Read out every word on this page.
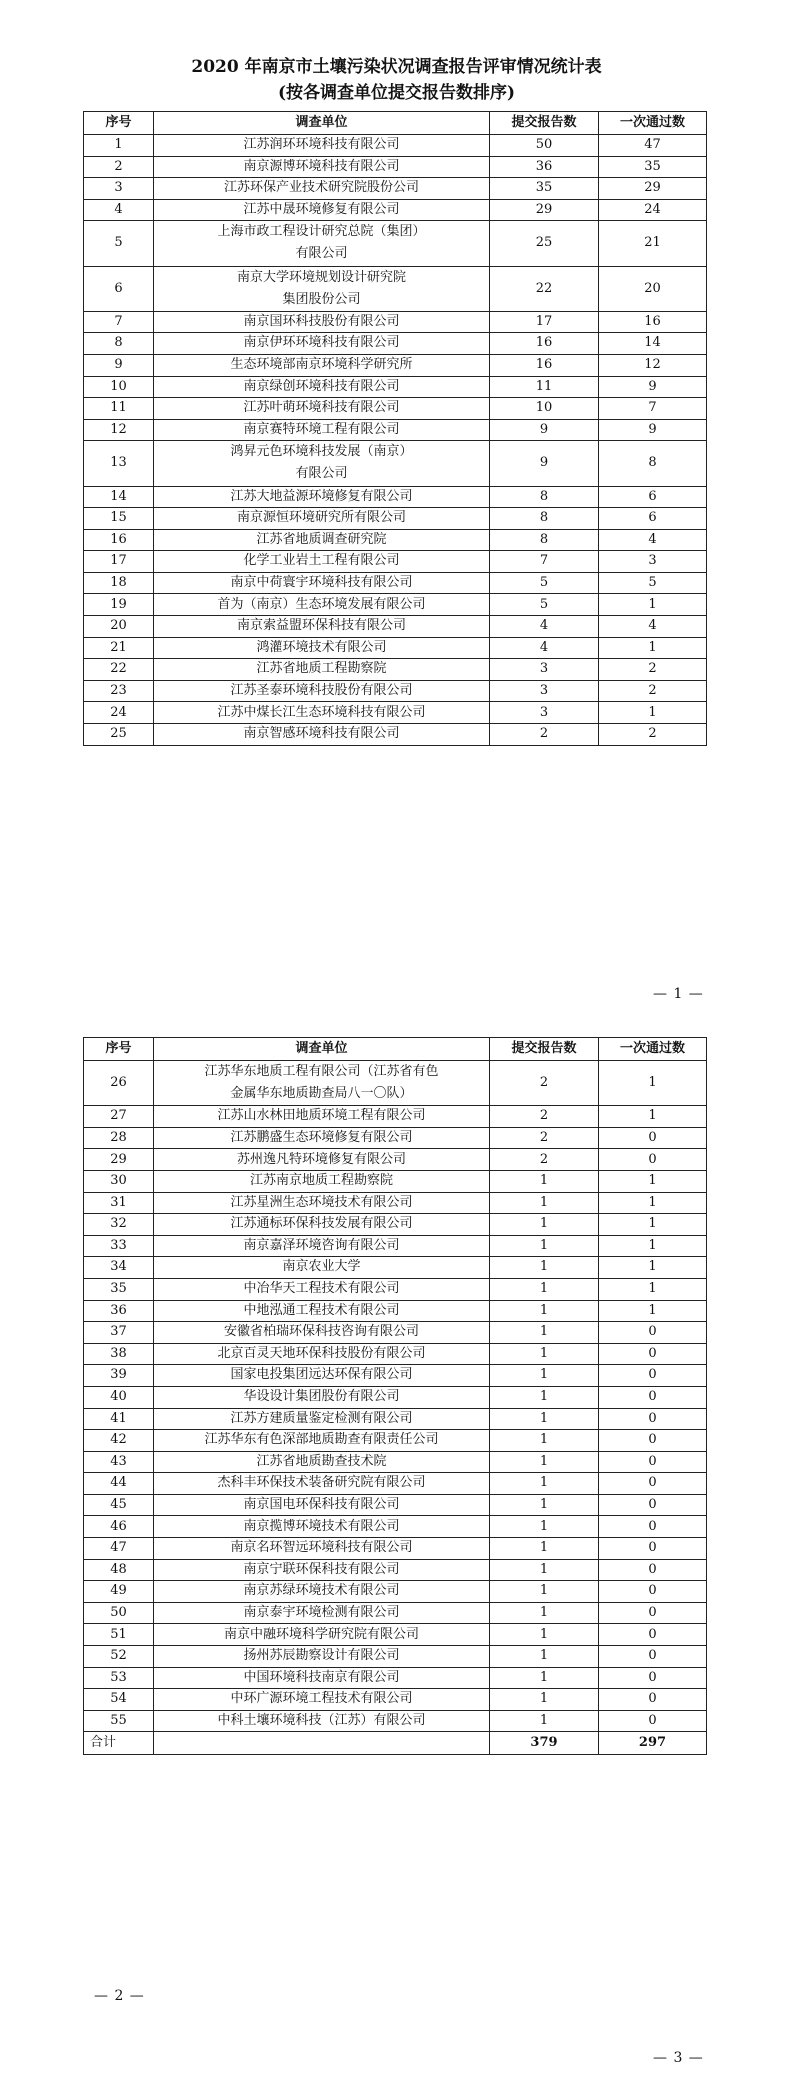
2020 年南京市土壤污染状况调查报告评审情况统计表
(按各调查单位提交报告数排序)
序号	调查单位	提交报告数	一次通过数
1	江苏润环环境科技有限公司	50	47
2	南京源博环境科技有限公司	36	35
3	江苏环保产业技术研究院股份公司	35	29
4	江苏中晟环境修复有限公司	29	24
5	上海市政工程设计研究总院（集团）
有限公司	25	21
6	南京大学环境规划设计研究院
集团股份公司	22	20
7	南京国环科技股份有限公司	17	16
8	南京伊环环境科技有限公司	16	14
9	生态环境部南京环境科学研究所	16	12
10	南京绿创环境科技有限公司	11	9
11	江苏叶萌环境科技有限公司	10	7
12	南京赛特环境工程有限公司	9	9
13	鸿昇元色环境科技发展（南京）
有限公司	9	8
14	江苏大地益源环境修复有限公司	8	6
15	南京源恒环境研究所有限公司	8	6
16	江苏省地质调查研究院	8	4
17	化学工业岩土工程有限公司	7	3
18	南京中荷寰宇环境科技有限公司	5	5
19	首为（南京）生态环境发展有限公司	5	1
20	南京索益盟环保科技有限公司	4	4
21	鸿灌环境技术有限公司	4	1
22	江苏省地质工程勘察院	3	2
23	江苏圣泰环境科技股份有限公司	3	2
24	江苏中煤长江生态环境科技有限公司	3	1
25	南京智感环境科技有限公司	2	2
— 1 —
序号	调查单位	提交报告数	一次通过数
26	江苏华东地质工程有限公司（江苏省有色
金属华东地质勘查局八一〇队）	2	1
27	江苏山水林田地质环境工程有限公司	2	1
28	江苏鹏盛生态环境修复有限公司	2	0
29	苏州逸凡特环境修复有限公司	2	0
30	江苏南京地质工程勘察院	1	1
31	江苏星洲生态环境技术有限公司	1	1
32	江苏通标环保科技发展有限公司	1	1
33	南京嘉泽环境咨询有限公司	1	1
34	南京农业大学	1	1
35	中冶华天工程技术有限公司	1	1
36	中地泓通工程技术有限公司	1	1
37	安徽省柏瑞环保科技咨询有限公司	1	0
38	北京百灵天地环保科技股份有限公司	1	0
39	国家电投集团远达环保有限公司	1	0
40	华设设计集团股份有限公司	1	0
41	江苏方建质量鉴定检测有限公司	1	0
42	江苏华东有色深部地质勘查有限责任公司	1	0
43	江苏省地质勘查技术院	1	0
44	杰科丰环保技术装备研究院有限公司	1	0
45	南京国电环保科技有限公司	1	0
46	南京揽博环境技术有限公司	1	0
47	南京名环智远环境科技有限公司	1	0
48	南京宁联环保科技有限公司	1	0
49	南京苏绿环境技术有限公司	1	0
50	南京泰宇环境检测有限公司	1	0
51	南京中融环境科学研究院有限公司	1	0
52	扬州苏辰勘察设计有限公司	1	0
53	中国环境科技南京有限公司	1	0
54	中环广源环境工程技术有限公司	1	0
55	中科土壤环境科技（江苏）有限公司	1	0
合计		379	297
— 2 —
— 3 —
